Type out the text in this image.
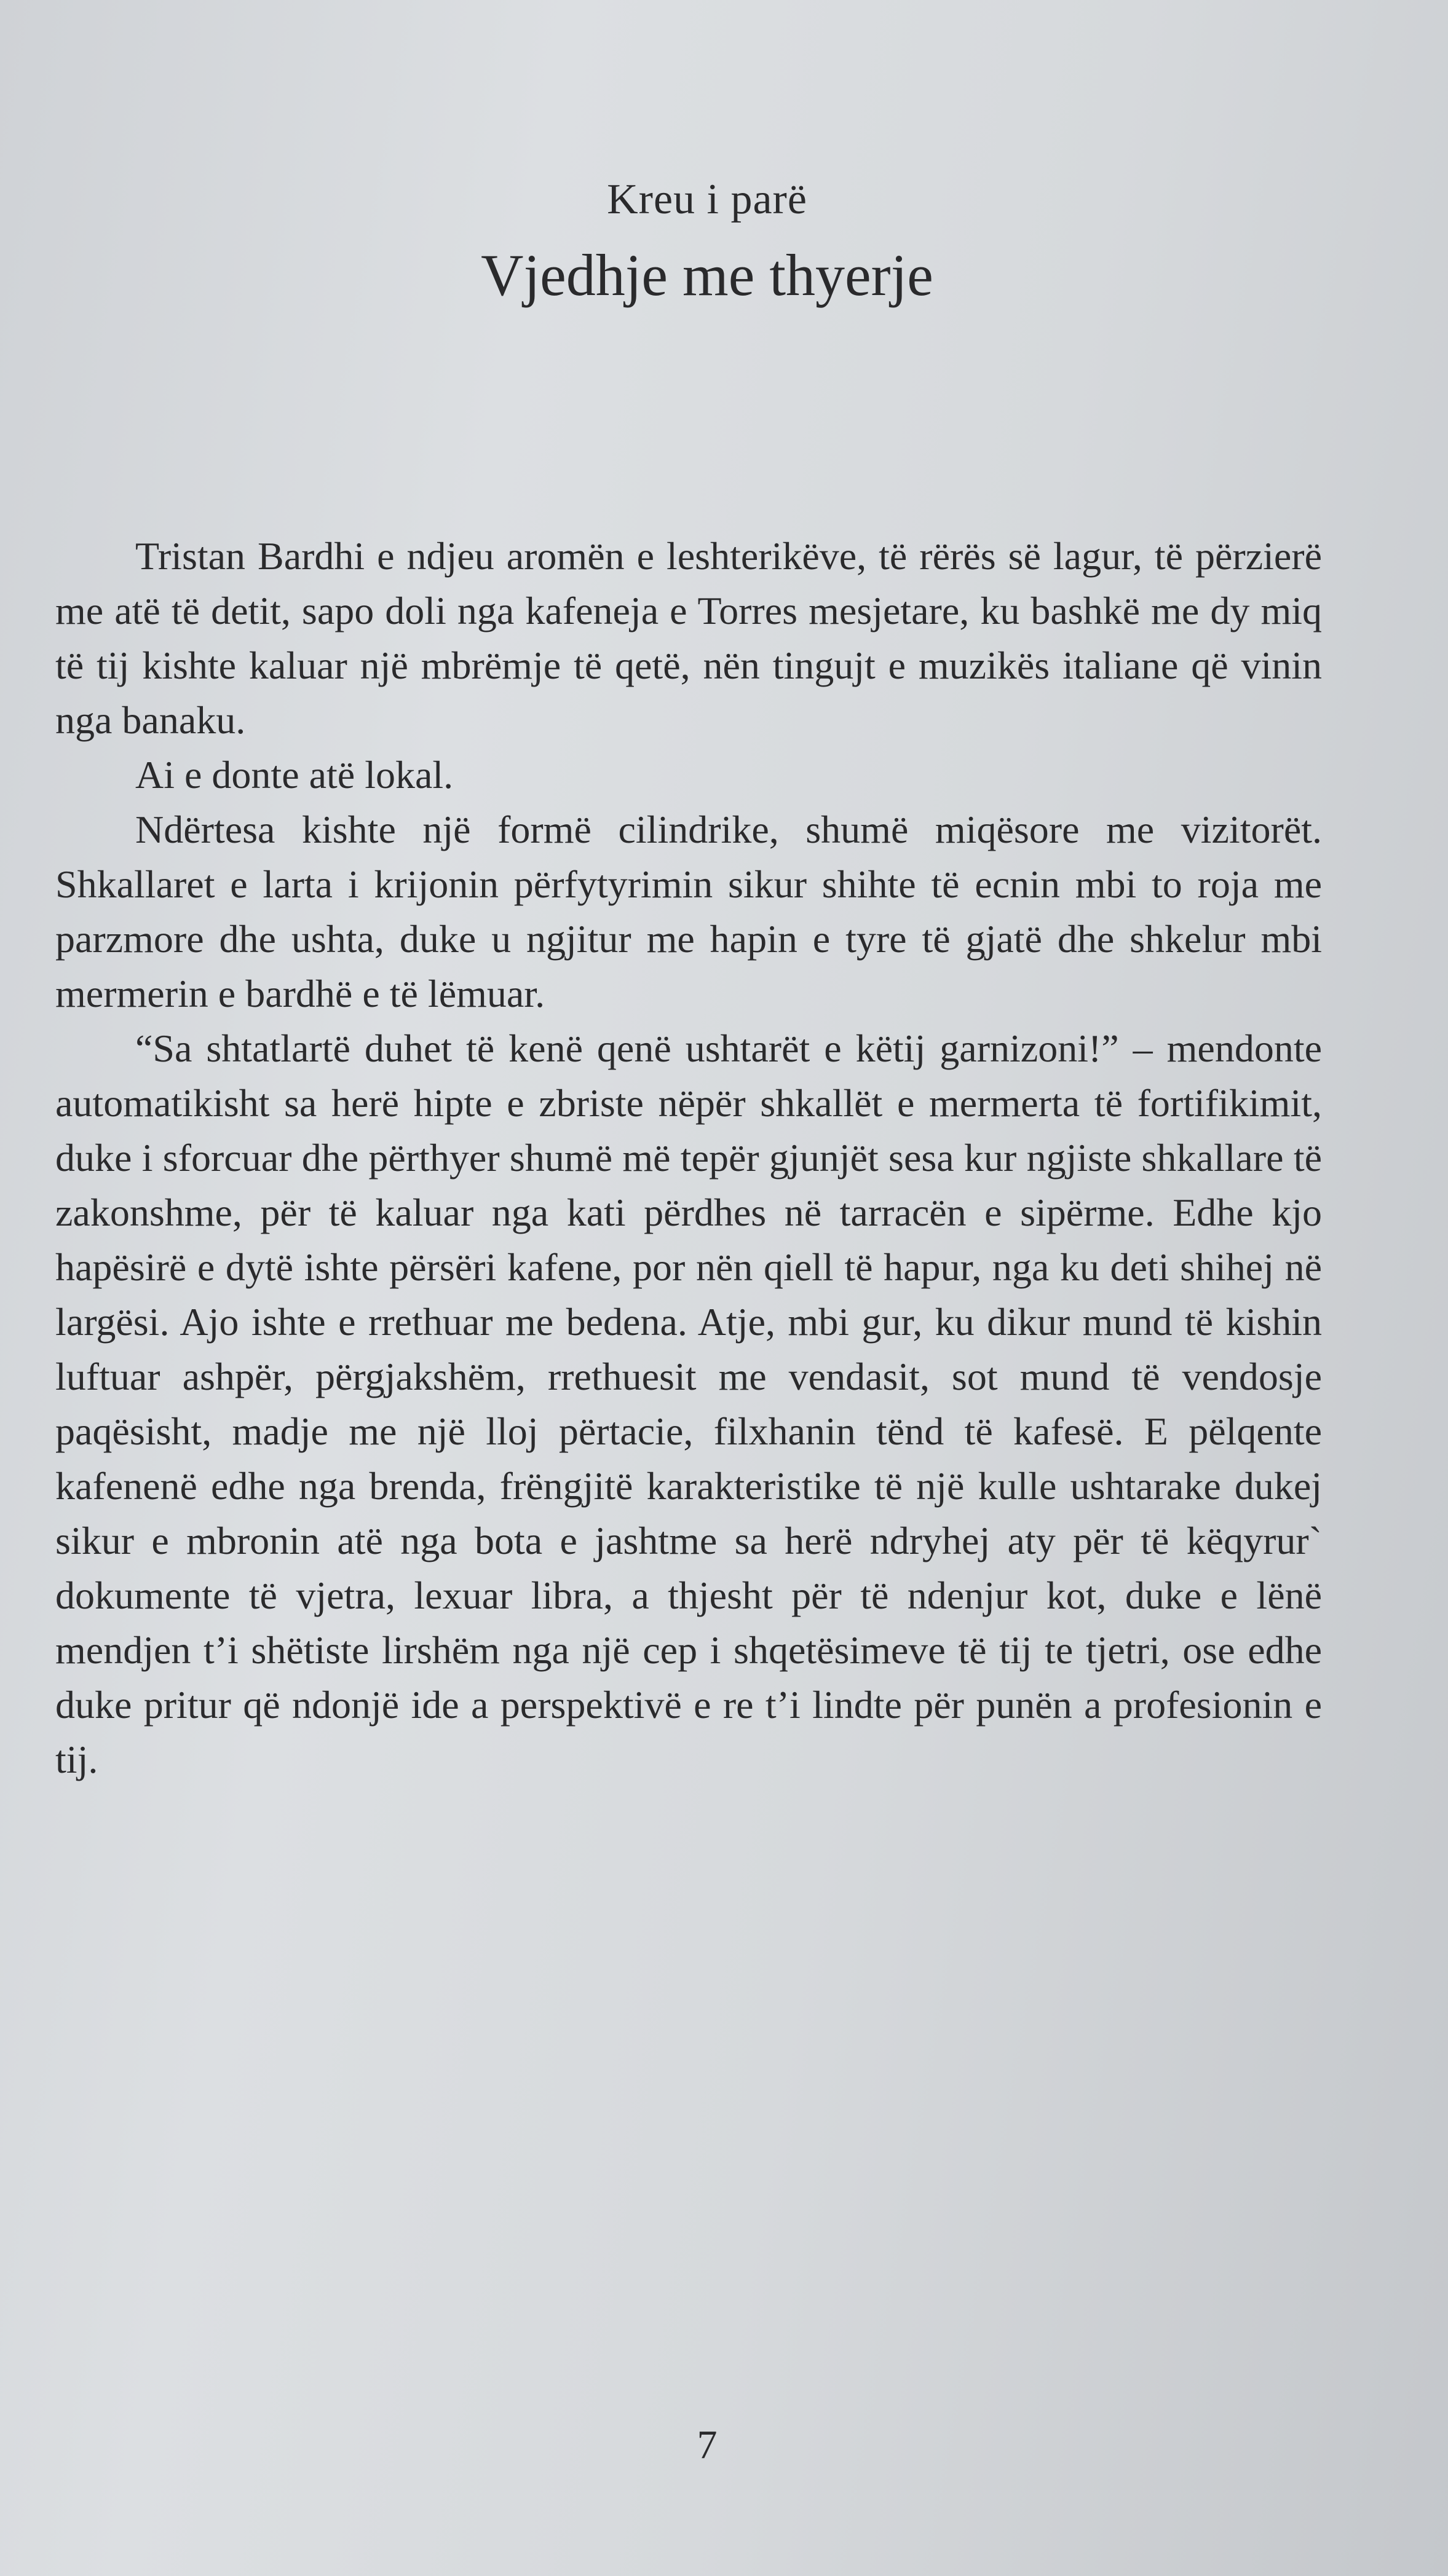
Kreu i parë
Vjedhje me thyerje

Tristan Bardhi e ndjeu aromën e leshterikëve, të rërës së lagur, të përzierë me atë të detit, sapo doli nga kafeneja e Torres mesjetare, ku bashkë me dy miq të tij kishte kaluar një mbrëmje të qetë, nën tingujt e muzikës italiane që vinin nga banaku.

Ai e donte atë lokal.

Ndërtesa kishte një formë cilindrike, shumë miqësore me vizitorët. Shkallaret e larta i krijonin përfytyrimin sikur shihte të ecnin mbi to roja me parzmore dhe ushta, duke u ngjitur me hapin e tyre të gjatë dhe shkelur mbi mermerin e bardhë e të lëmuar.

“Sa shtatlartë duhet të kenë qenë ushtarët e këtij garnizoni!” – mendonte automatikisht sa herë hipte e zbriste nëpër shkallët e mermerta të fortifikimit, duke i sforcuar dhe përthyer shumë më tepër gjunjët sesa kur ngjiste shkallare të zakonshme, për të kaluar nga kati përdhes në tarracën e sipërme. Edhe kjo hapësirë e dytë ishte përsëri kafene, por nën qiell të hapur, nga ku deti shihej në largësi. Ajo ishte e rrethuar me bedena. Atje, mbi gur, ku dikur mund të kishin luftuar ashpër, përgjakshëm, rrethuesit me vendasit, sot mund të vendosje paqësisht, madje me një lloj përtacie, filxhanin tënd të kafesë. E pëlqente kafenenë edhe nga brenda, frëngjitë karakteristike të një kulle ushtarake dukej sikur e mbronin atë nga bota e jashtme sa herë ndryhej aty për të këqyrur` dokumente të vjetra, lexuar libra, a thjesht për të ndenjur kot, duke e lënë mendjen t’i shëtiste lirshëm nga një cep i shqetësimeve të tij te tjetri, ose edhe duke pritur që ndonjë ide a perspektivë e re t’i lindte për punën a profesionin e tij.

7
